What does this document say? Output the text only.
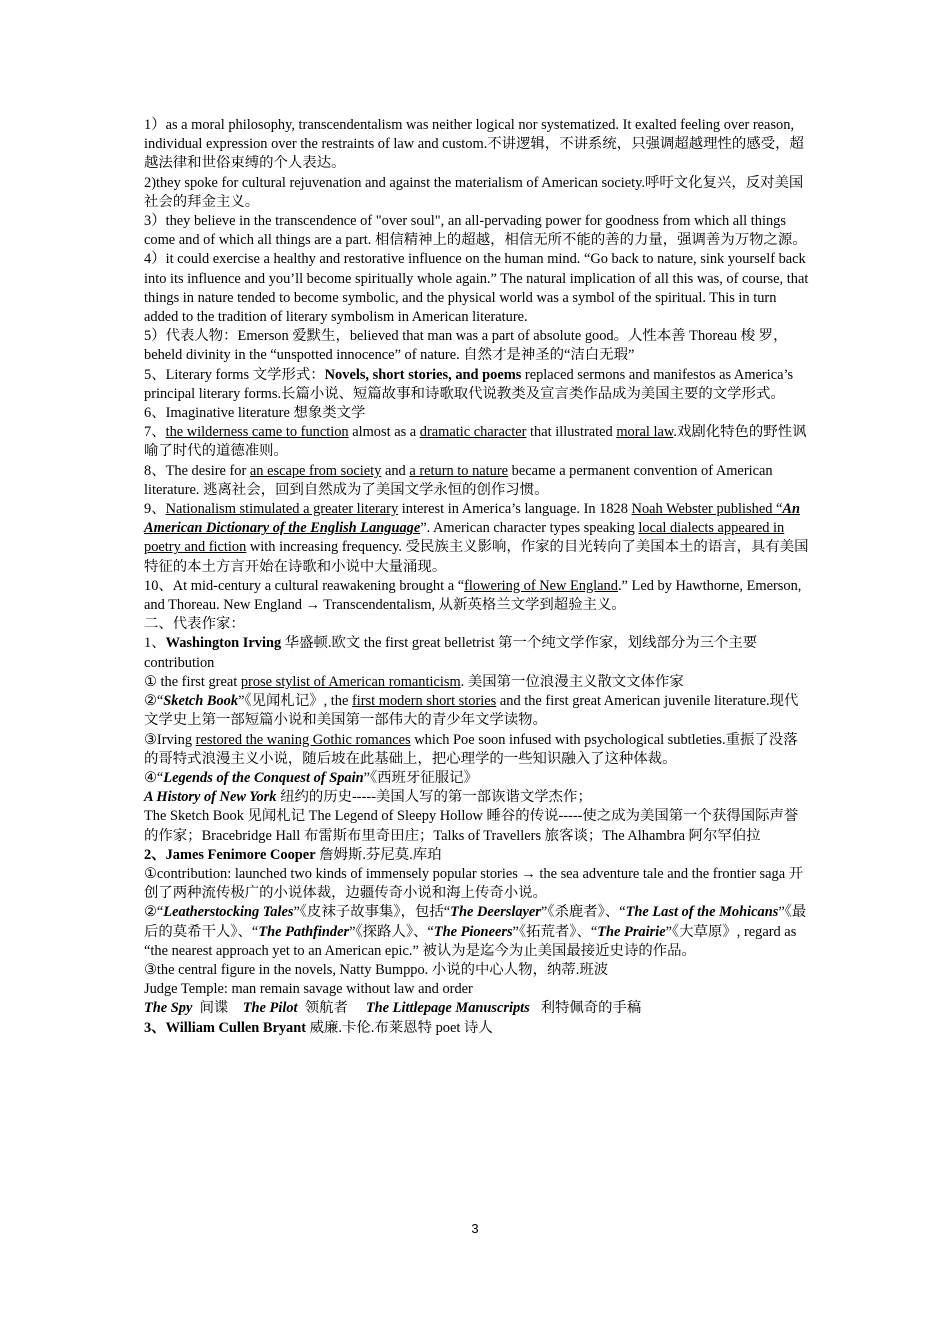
1）as a moral philosophy, transcendentalism was neither logical nor systematized. It exalted feeling over reason, individual expression over the restraints of law and custom.不讲逻辑，不讲系统，只强调超越理性的感受，超越法律和世俗束缚的个人表达。

2)they spoke for cultural rejuvenation and against the materialism of American society.呼吁文化复兴，反对美国社会的拜金主义。

3）they believe in the transcendence of "over soul", an all-pervading power for goodness from which all things come and of which all things are a part. 相信精神上的超越，相信无所不能的善的力量，强调善为万物之源。

4）it could exercise a healthy and restorative influence on the human mind. “Go back to nature, sink yourself back into its influence and you’ll become spiritually whole again.” The natural implication of all this was, of course, that things in nature tended to become symbolic, and the physical world was a symbol of the spiritual. This in turn added to the tradition of literary symbolism in American literature.

5）代表人物：Emerson 爱默生，believed that man was a part of absolute good。人性本善 Thoreau 梭 罗，beheld divinity in the “unspotted innocence” of nature. 自然才是神圣的“洁白无瑕”

5、Literary forms 文学形式：Novels, short stories, and poems replaced sermons and manifestos as America’s principal literary forms.长篇小说、短篇故事和诗歌取代说教类及宣言类作品成为美国主要的文学形式。

6、Imaginative literature 想象类文学

7、the wilderness came to function almost as a dramatic character that illustrated moral law.戏剧化特色的野性讽喻了时代的道德准则。

8、The desire for an escape from society and a return to nature became a permanent convention of American literature. 逃离社会，回到自然成为了美国文学永恒的创作习惯。

9、Nationalism stimulated a greater literary interest in America’s language. In 1828 Noah Webster published “An American Dictionary of the English Language”. American character types speaking local dialects appeared in poetry and fiction with increasing frequency. 受民族主义影响，作家的目光转向了美国本土的语言，具有美国特征的本土方言开始在诗歌和小说中大量涌现。

10、At mid-century a cultural reawakening brought a “flowering of New England.” Led by Hawthorne, Emerson, and Thoreau. New England → Transcendentalism, 从新英格兰文学到超验主义。

二、代表作家：

1、Washington Irving 华盛顿.欧文 the first great belletrist 第一个纯文学作家，划线部分为三个主要 contribution

① the first great prose stylist of American romanticism. 美国第一位浪漫主义散文文体作家

②“Sketch Book”《见闻札记》, the first modern short stories and the first great American juvenile literature.现代文学史上第一部短篇小说和美国第一部伟大的青少年文学读物。

③Irving restored the waning Gothic romances which Poe soon infused with psychological subtleties.重振了没落的哥特式浪漫主义小说，随后坡在此基础上，把心理学的一些知识融入了这种体裁。

④“Legends of the Conquest of Spain”《西班牙征服记》

A History of New York 纽约的历史-----美国人写的第一部诙谐文学杰作；

The Sketch Book 见闻札记 The Legend of Sleepy Hollow 睡谷的传说-----使之成为美国第一个获得国际声誉的作家；Bracebridge Hall 布雷斯布里奇田庄；Talks of Travellers 旅客谈；The Alhambra 阿尔罕伯拉

2、James Fenimore Cooper 詹姆斯.芬尼莫.库珀

①contribution: launched two kinds of immensely popular stories → the sea adventure tale and the frontier saga 开创了两种流传极广的小说体裁，边疆传奇小说和海上传奇小说。

②“Leatherstocking Tales”《皮袜子故事集》，包括“The Deerslayer”《杀鹿者》、“The Last of the Mohicans”《最后的莫希干人》、“The Pathfinder”《探路人》、“The Pioneers”《拓荒者》、“The Prairie”《大草原》, regard as “the nearest approach yet to an American epic.” 被认为是迄今为止美国最接近史诗的作品。

③the central figure in the novels, Natty Bumppo. 小说的中心人物，纳蒂.班波

Judge Temple: man remain savage without law and order

The Spy  间谍    The Pilot  领航者     The Littlepage Manuscripts   利特佩奇的手稿

3、William Cullen Bryant 威廉.卡伦.布莱恩特 poet 诗人

3
